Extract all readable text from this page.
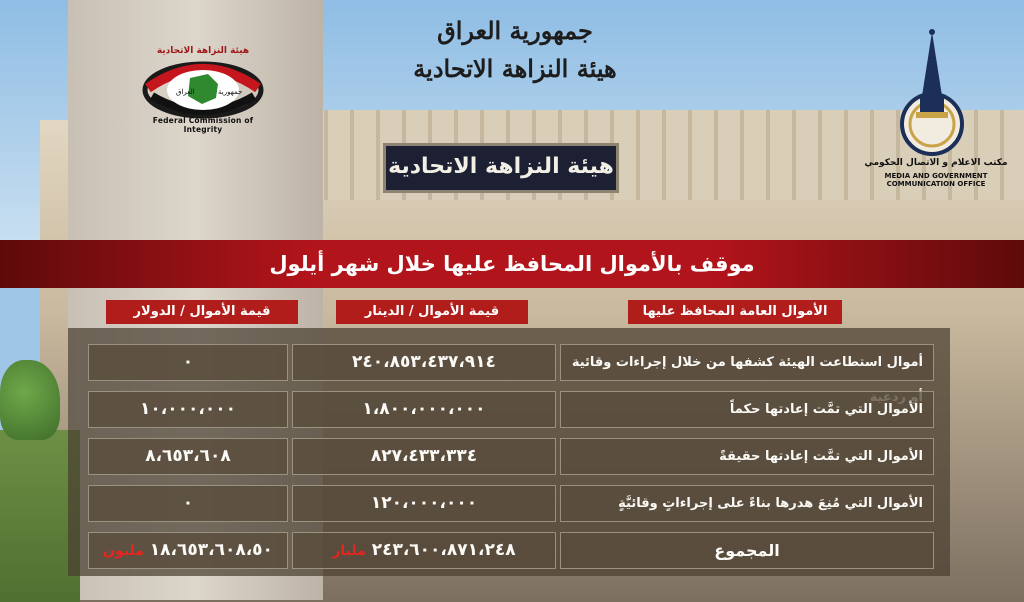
جمهورية العراق
هيئة النزاهة الاتحادية
هيئة النزاهة الاتحادية
العراق	جمهورية
Federal Commission of Integrity
هيئة النزاهة الاتحادية	مكتب الاعلام و الاتصال الحكومي
MEDIA AND GOVERNMENT COMMUNICATION OFFICE
موقف بالأموال المحافظ عليها خلال شهر أيلول
الأموال العامة المحافظ عليها
قيمة الأموال / الدينار
قيمة الأموال / الدولار
٠	٢٤٠،٨٥٣،٤٣٧،٩١٤	أموال استطاعت الهيئة كشفها من خلال إجراءات وقائية
١٠،٠٠٠،٠٠٠	١،٨٠٠،٠٠٠،٠٠٠	الأموال التي تمَّت إعادتها حكماً
٨،٦٥٣،٦٠٨	٨٢٧،٤٣٣،٣٣٤	الأموال التي تمَّت إعادتها حقيقةً
٠	١٢٠،٠٠٠،٠٠٠	الأموال التي مُنِعَ هدرها بناءً على إجراءاتٍ وقائيَّةٍ
١٨،٦٥٣،٦٠٨،٥٠ مليون	٢٤٣،٦٠٠،٨٧١،٢٤٨ مليار	المجموع
